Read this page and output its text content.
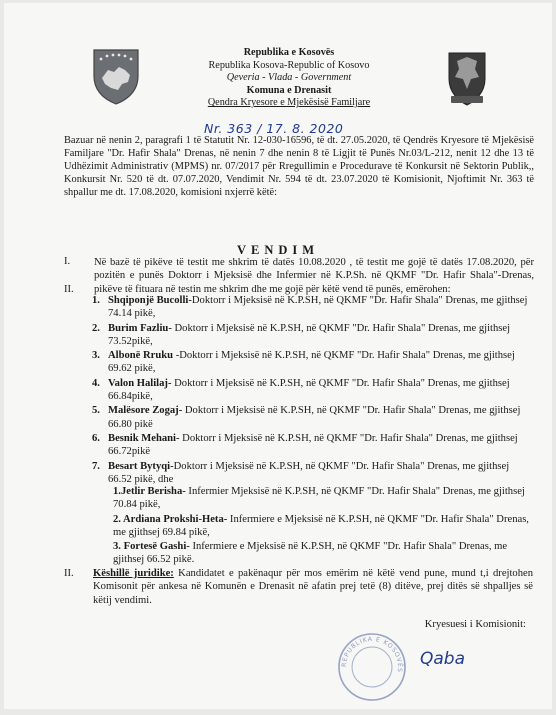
Republika e Kosovës
Republika Kosova-Republic of Kosovo
Qeveria - Vlada - Government
Komuna e Drenasit
Qendra Kryesore e Mjekësisë Familjare
Nr. 363 / 17. 8. 2020
Bazuar në nenin 2, paragrafi 1 të Statutit Nr. 12-030-16596, të dt. 27.05.2020, të Qendrës Kryesore të Mjekësisë Familjare "Dr. Hafir Shala" Drenas, në nenin 7 dhe nenin 8 të Ligjit të Punës Nr.03/L-212, nenit 12 dhe 13 të Udhëzimit Administrativ (MPMS) nr. 07/2017 për Rregullimin e Procedurave të Konkursit në Sektorin Publik,, Konkursit Nr. 520 të dt. 07.07.2020, Vendimit Nr. 594 të dt. 23.07.2020 të Komisionit, Njoftimit Nr. 363 të shpallur me dt. 17.08.2020, komisioni nxjerrë këtë:
VENDIM
I. Në bazë të pikëve të testit me shkrim të datës 10.08.2020 , të testit me gojë të datës 17.08.2020, për pozitën e punës Doktorr i Mjeksisë dhe Infermier në K.P.Sh. në QKMF "Dr. Hafir Shala"-Drenas, pikëve të fituara në testin me shkrim dhe me gojë për këtë vend të punës, emërohen:
II.
1. Shqiponjë Bucolli-Doktorr i Mjeksisë në K.P.SH, në QKMF "Dr. Hafir Shala" Drenas, me gjithsej 74.14 pikë,
2. Burim Fazliu- Doktorr i Mjeksisë në K.P.SH, në QKMF "Dr. Hafir Shala" Drenas, me gjithsej 73.52pikë,
3. Albonë Rruku -Doktorr i Mjeksisë në K.P.SH, në QKMF "Dr. Hafir Shala" Drenas, me gjithsej 69.62 pikë,
4. Valon Halilaj- Doktorr i Mjeksisë në K.P.SH, në QKMF "Dr. Hafir Shala" Drenas, me gjithsej 66.84pikë,
5. Malësore Zogaj- Doktorr i Mjeksisë në K.P.SH, në QKMF "Dr. Hafir Shala" Drenas, me gjithsej 66.80 pikë
6. Besnik Mehani- Doktorr i Mjeksisë në K.P.SH, në QKMF "Dr. Hafir Shala" Drenas, me gjithsej 66.72pikë
7. Besart Bytyqi-Doktorr i Mjeksisë në K.P.SH, në QKMF "Dr. Hafir Shala" Drenas, me gjithsej 66.52 pikë, dhe
1.Jetlir Berisha- Infermier Mjeksisë në K.P.SH, në QKMF "Dr. Hafir Shala" Drenas, me gjithsej 70.84 pikë,
2. Ardiana Prokshi-Heta- Infermiere e Mjeksisë në K.P.SH, në QKMF "Dr. Hafir Shala" Drenas, me gjithsej 69.84 pikë,
3. Fortesë Gashi- Infermiere e Mjeksisë në K.P.SH, në QKMF "Dr. Hafir Shala" Drenas, me gjithsej 66.52 pikë.
II. Këshillë juridike: Kandidatet e pakënaqur për mos emërim në këtë vend pune, mund t,i drejtohen Komisonit për ankesa në Komunën e Drenasit në afatin prej tetë (8) ditëve, prej ditës së shpalljes së këtij vendimi.
Kryesuesi i Komisionit:
REPUBLIKA E KOSOVËS
Qaba
